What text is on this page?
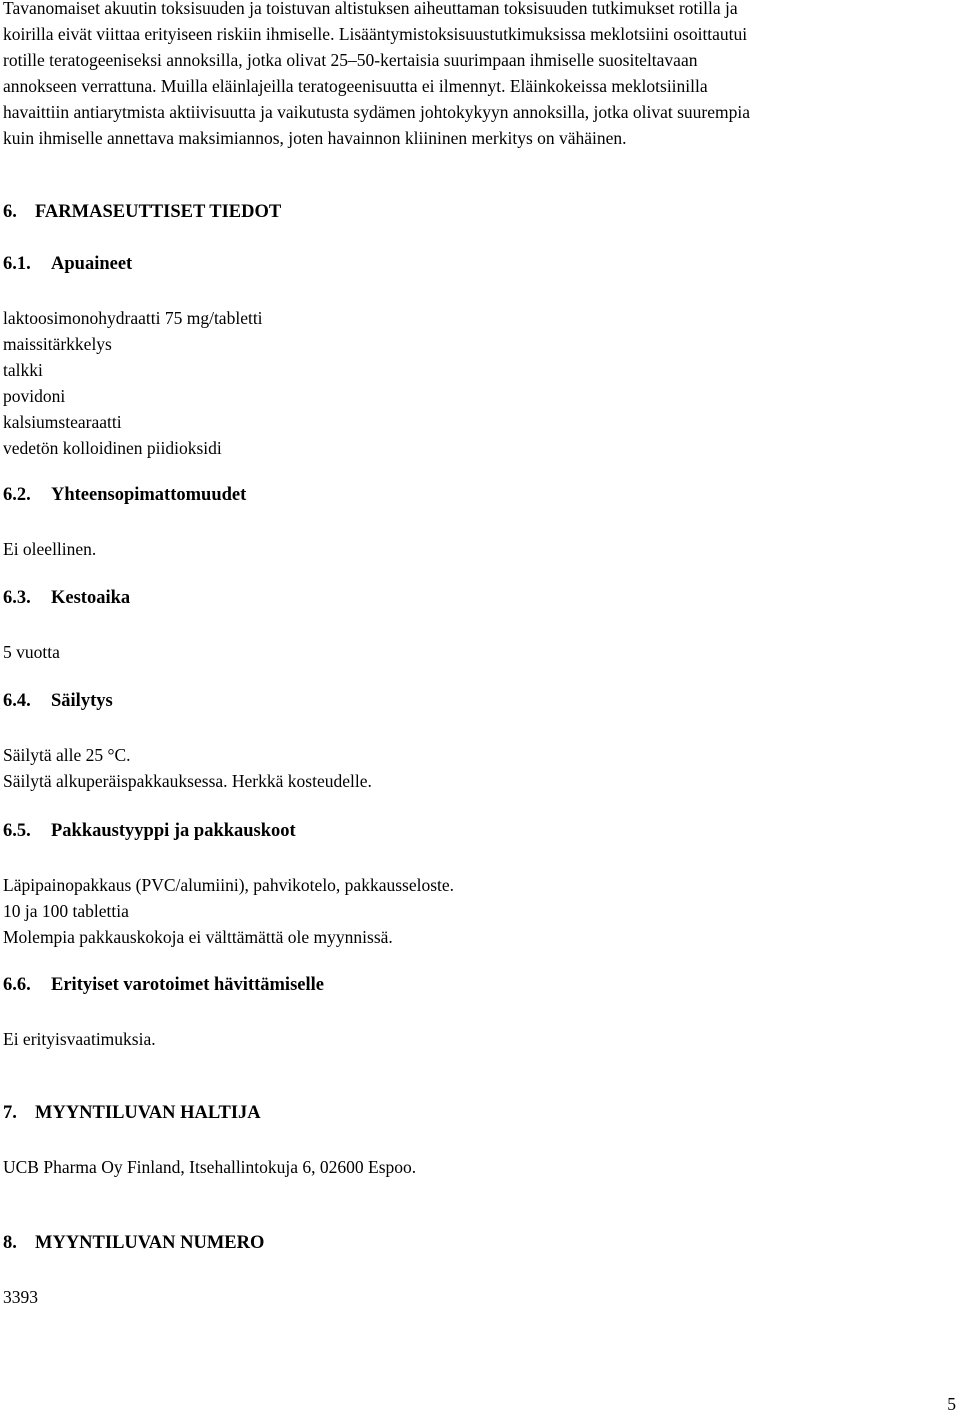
Tavanomaiset akuutin toksisuuden ja toistuvan altistuksen aiheuttaman toksisuuden tutkimukset rotilla ja
koirilla eivät viittaa erityiseen riskiin ihmiselle. Lisääntymistoksisuustutkimuksissa meklotsiini osoittautui
rotille teratogeeniseksi annoksilla, jotka olivat 25–50-kertaisia suurimpaan ihmiselle suositeltavaan
annokseen verrattuna. Muilla eläinlajeilla teratogeenisuutta ei ilmennyt. Eläinkokeissa meklotsiinilla
havaittiin antiarytmista aktiivisuutta ja vaikutusta sydämen johtokykyyn annoksilla, jotka olivat suurempia
kuin ihmiselle annettava maksimiannos, joten havainnon kliininen merkitys on vähäinen.
6. FARMASEUTTISET TIEDOT
6.1. Apuaineet
laktoosimonohydraatti 75 mg/tabletti
maissitärkkelys
talkki
povidoni
kalsiumstearaatti
vedetön kolloidinen piidioksidi
6.2. Yhteensopimattomuudet
Ei oleellinen.
6.3. Kestoaika
5 vuotta
6.4. Säilytys
Säilytä alle 25 °C.
Säilytä alkuperäispakkauksessa. Herkkä kosteudelle.
6.5. Pakkaustyyppi ja pakkauskoot
Läpipainopakkaus (PVC/alumiini), pahvikotelo, pakkausseloste.
10 ja 100 tablettia
Molempia pakkauskokoja ei välttämättä ole myynnissä.
6.6. Erityiset varotoimet hävittämiselle
Ei erityisvaatimuksia.
7. MYYNTILUVAN HALTIJA
UCB Pharma Oy Finland, Itsehallintokuja 6, 02600 Espoo.
8. MYYNTILUVAN NUMERO
3393
5
